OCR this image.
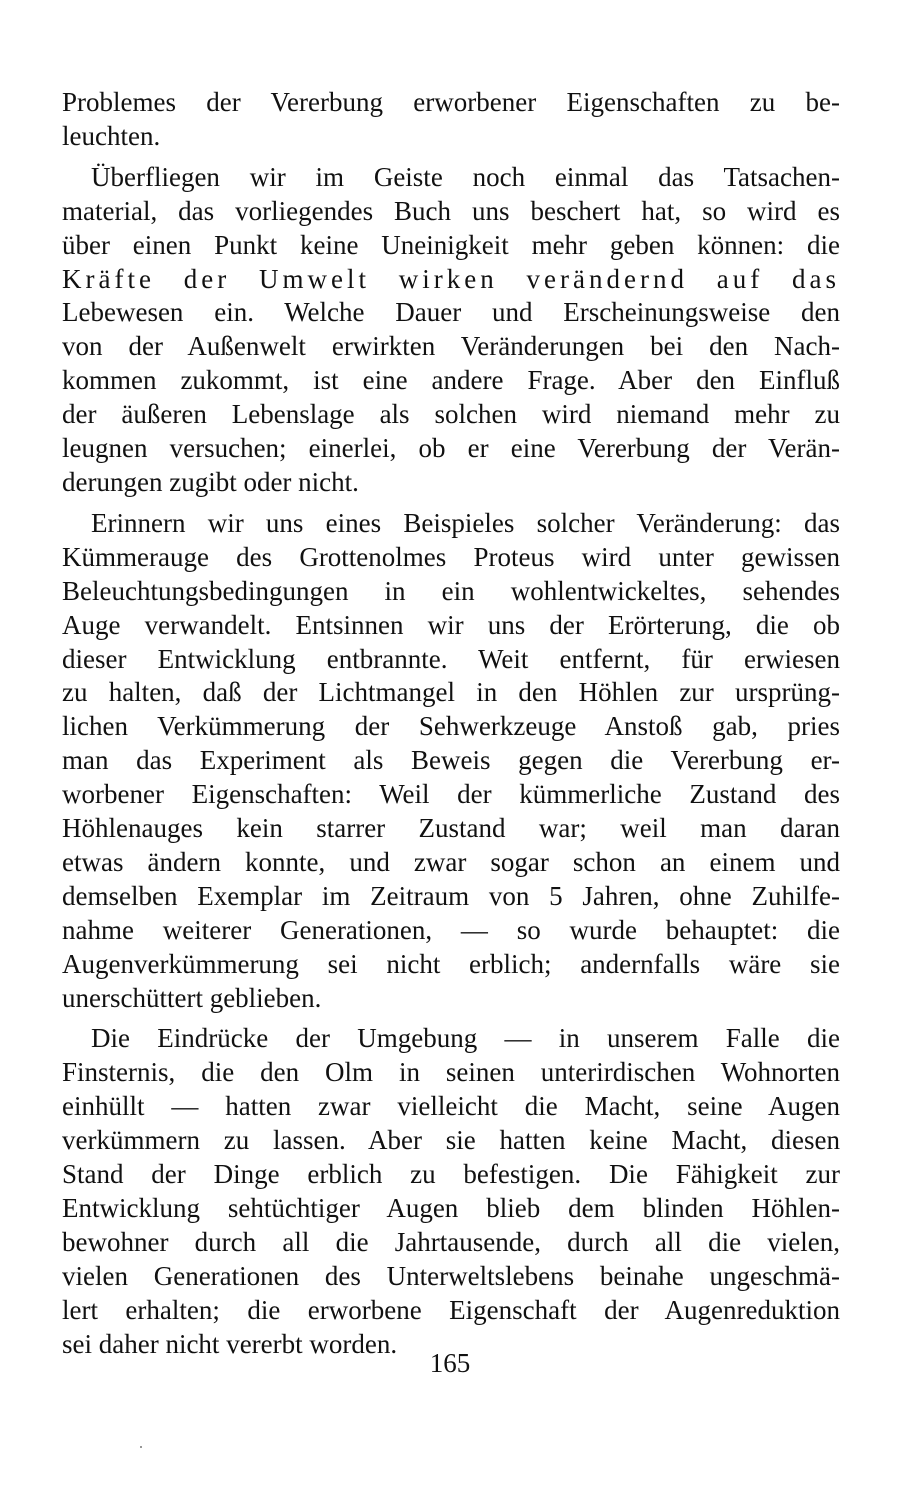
Problemes der Vererbung erworbener Eigenschaften zu be-
leuchten.
Überfliegen wir im Geiste noch einmal das Tatsachen-
material, das vorliegendes Buch uns beschert hat, so wird es
über einen Punkt keine Uneinigkeit mehr geben können: die
Kräfte der Umwelt wirken verändernd auf das
Lebewesen ein. Welche Dauer und Erscheinungsweise den
von der Außenwelt erwirkten Veränderungen bei den Nach-
kommen zukommt, ist eine andere Frage. Aber den Einfluß
der äußeren Lebenslage als solchen wird niemand mehr zu
leugnen versuchen; einerlei, ob er eine Vererbung der Verän-
derungen zugibt oder nicht.
Erinnern wir uns eines Beispieles solcher Veränderung: das
Kümmerauge des Grottenolmes Proteus wird unter gewissen
Beleuchtungsbedingungen in ein wohlentwickeltes, sehendes
Auge verwandelt. Entsinnen wir uns der Erörterung, die ob
dieser Entwicklung entbrannte. Weit entfernt, für erwiesen
zu halten, daß der Lichtmangel in den Höhlen zur ursprüng-
lichen Verkümmerung der Sehwerkzeuge Anstoß gab, pries
man das Experiment als Beweis gegen die Vererbung er-
worbener Eigenschaften: Weil der kümmerliche Zustand des
Höhlenauges kein starrer Zustand war; weil man daran
etwas ändern konnte, und zwar sogar schon an einem und
demselben Exemplar im Zeitraum von 5 Jahren, ohne Zuhilfe-
nahme weiterer Generationen, — so wurde behauptet: die
Augenverkümmerung sei nicht erblich; andernfalls wäre sie
unerschüttert geblieben.
Die Eindrücke der Umgebung — in unserem Falle die
Finsternis, die den Olm in seinen unterirdischen Wohnorten
einhüllt — hatten zwar vielleicht die Macht, seine Augen
verkümmern zu lassen. Aber sie hatten keine Macht, diesen
Stand der Dinge erblich zu befestigen. Die Fähigkeit zur
Entwicklung sehtüchtiger Augen blieb dem blinden Höhlen-
bewohner durch all die Jahrtausende, durch all die vielen,
vielen Generationen des Unterweltslebens beinahe ungeschmä-
lert erhalten; die erworbene Eigenschaft der Augenreduktion
sei daher nicht vererbt worden.
165
